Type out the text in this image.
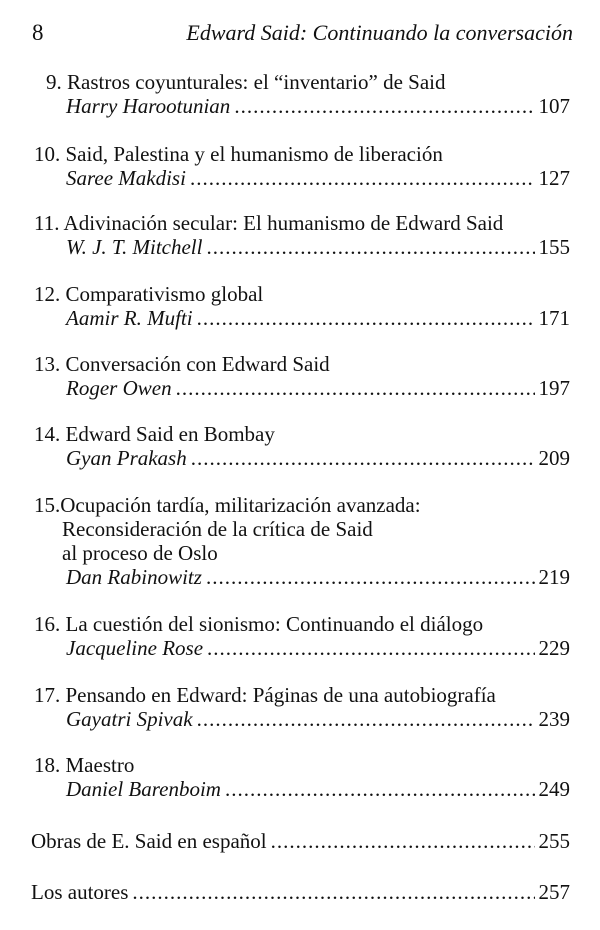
8	Edward Said: Continuando la conversación
9. Rastros coyunturales: el “inventario” de Said
Harry Harootunian .....	107
10. Said, Palestina y el humanismo de liberación
Saree Makdisi .....	127
11. Adivinación secular: El humanismo de Edward Said
W. J. T. Mitchell .....	155
12. Comparativismo global
Aamir R. Mufti .....	171
13. Conversación con Edward Said
Roger Owen .....	197
14. Edward Said en Bombay
Gyan Prakash .....	209
15.Ocupación tardía, militarización avanzada:
Reconsideración de la crítica de Said
al proceso de Oslo
Dan Rabinowitz .....	219
16. La cuestión del sionismo: Continuando el diálogo
Jacqueline Rose .....	229
17. Pensando en Edward: Páginas de una autobiografía
Gayatri Spivak .....	239
18. Maestro
Daniel Barenboim .....	249
Obras de E. Said en español .....	255
Los autores .....	257
